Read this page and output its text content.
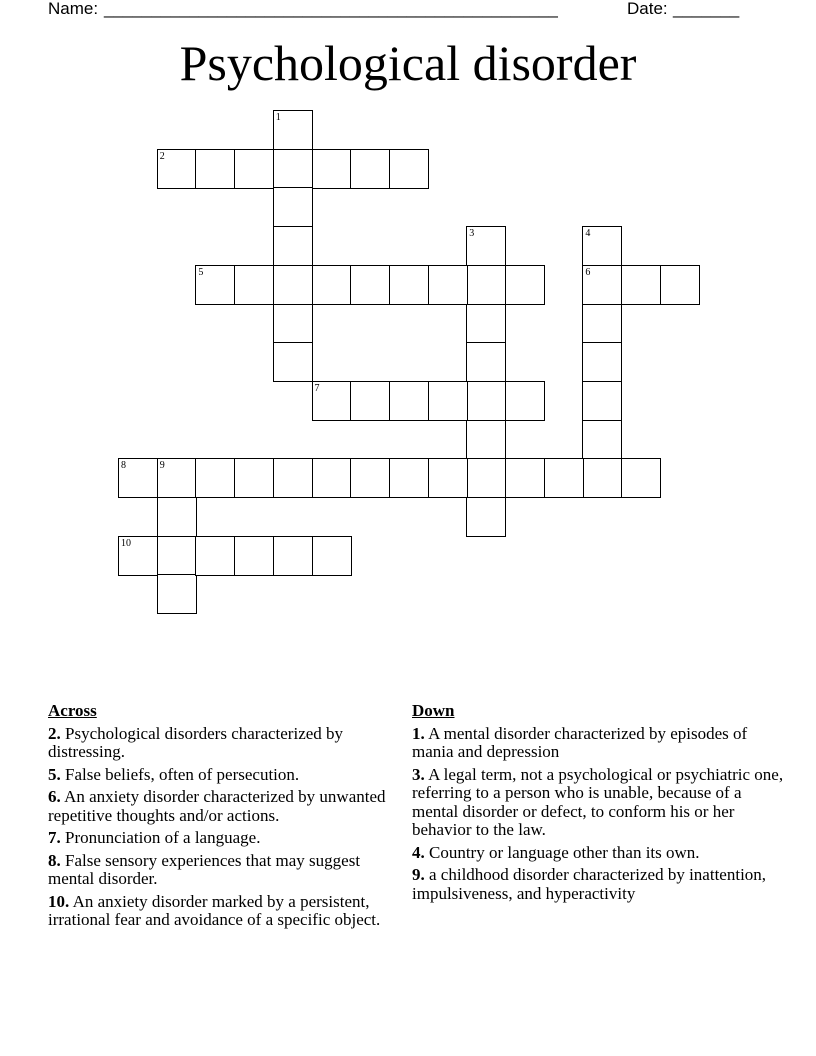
Name: ________________________________________________	Date: _______
Psychological disorder
1
2
3	4
6
5
7
8	9
10
Across
2. Psychological disorders characterized by distressing.
5. False beliefs, often of persecution.
6. An anxiety disorder characterized by unwanted repetitive thoughts and/or actions.
7. Pronunciation of a language.
8. False sensory experiences that may suggest mental disorder.
10. An anxiety disorder marked by a persistent, irrational fear and avoidance of a specific object.
Down
1. A mental disorder characterized by episodes of mania and depression
3. A legal term, not a psychological or psychiatric one, referring to a person who is unable, because of a mental disorder or defect, to conform his or her behavior to the law.
4. Country or language other than its own.
9. a childhood disorder characterized by inattention, impulsiveness, and hyperactivity
